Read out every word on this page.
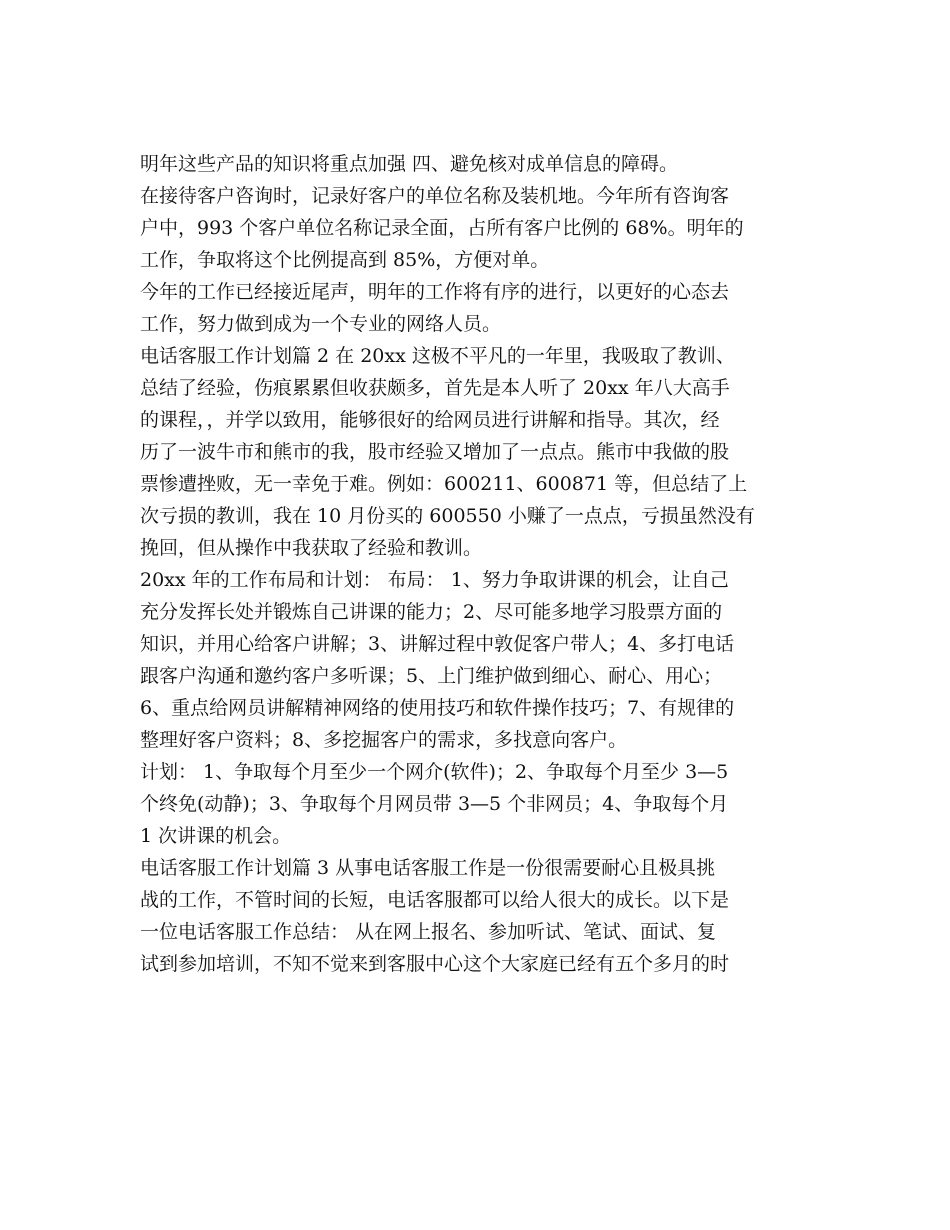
明年这些产品的知识将重点加强 四、避免核对成单信息的障碍。
在接待客户咨询时，记录好客户的单位名称及装机地。今年所有咨询客
户中，993 个客户单位名称记录全面，占所有客户比例的 68%。明年的
工作，争取将这个比例提高到 85%，方便对单。
今年的工作已经接近尾声，明年的工作将有序的进行，以更好的心态去
工作，努力做到成为一个专业的网络人员。
电话客服工作计划篇 2 在 20xx 这极不平凡的一年里，我吸取了教训、
总结了经验，伤痕累累但收获颇多，首先是本人听了 20xx 年八大高手
的课程，，并学以致用，能够很好的给网员进行讲解和指导。其次，经
历了一波牛市和熊市的我，股市经验又增加了一点点。熊市中我做的股
票惨遭挫败，无一幸免于难。例如：600211、600871 等，但总结了上
次亏损的教训，我在 10 月份买的 600550 小赚了一点点，亏损虽然没有
挽回，但从操作中我获取了经验和教训。
20xx 年的工作布局和计划： 布局： 1、努力争取讲课的机会，让自己
充分发挥长处并锻炼自己讲课的能力；2、尽可能多地学习股票方面的
知识，并用心给客户讲解；3、讲解过程中敦促客户带人；4、多打电话
跟客户沟通和邀约客户多听课；5、上门维护做到细心、耐心、用心；
6、重点给网员讲解精神网络的使用技巧和软件操作技巧；7、有规律的
整理好客户资料；8、多挖掘客户的需求，多找意向客户。
计划： 1、争取每个月至少一个网介(软件)；2、争取每个月至少 3—5
个终免(动静)；3、争取每个月网员带 3—5 个非网员；4、争取每个月
1 次讲课的机会。
电话客服工作计划篇 3 从事电话客服工作是一份很需要耐心且极具挑
战的工作，不管时间的长短，电话客服都可以给人很大的成长。以下是
一位电话客服工作总结： 从在网上报名、参加听试、笔试、面试、复
试到参加培训，不知不觉来到客服中心这个大家庭已经有五个多月的时
